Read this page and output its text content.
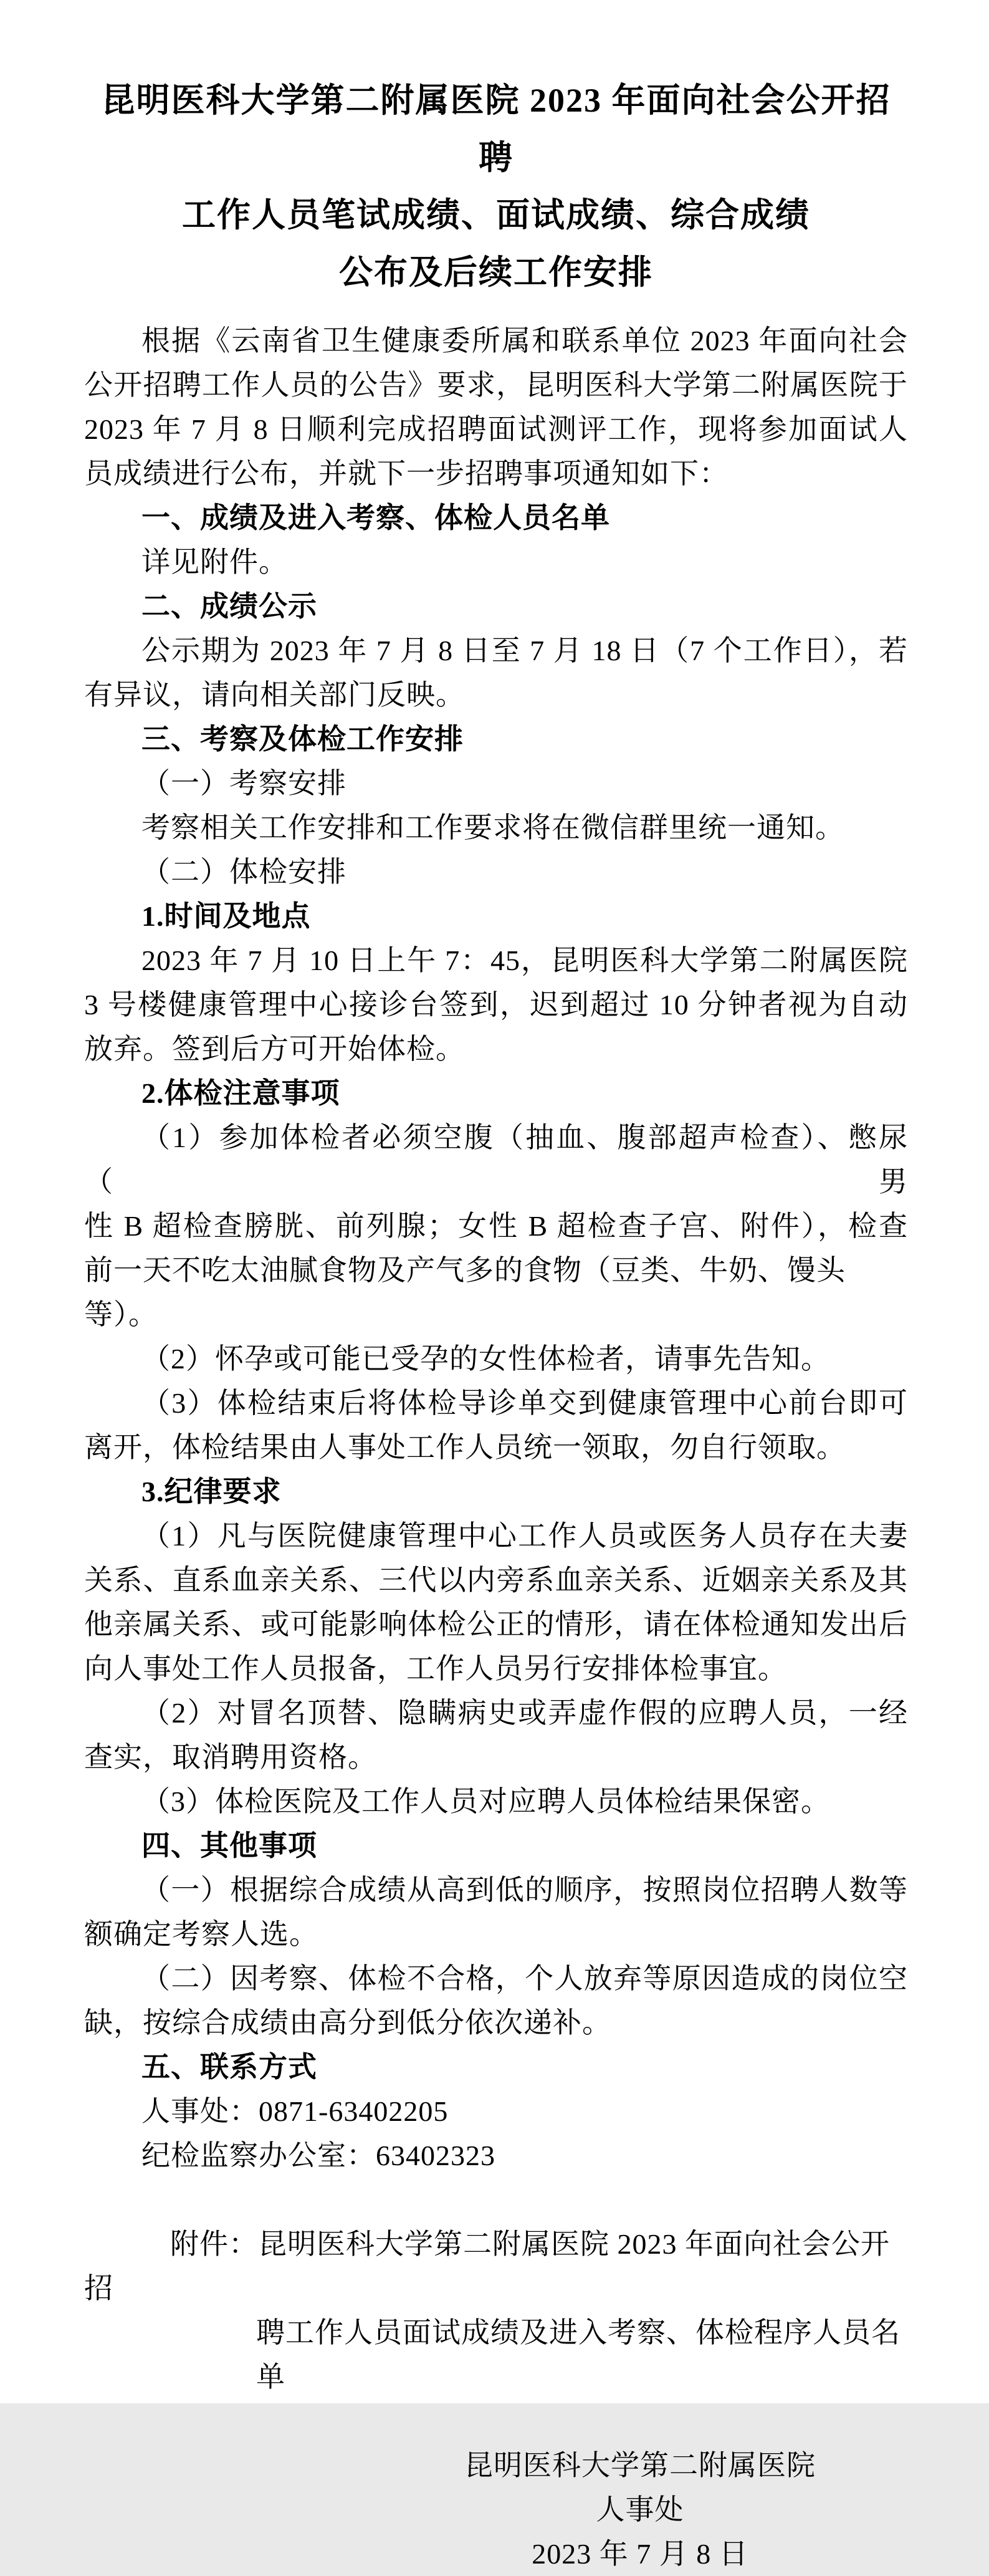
昆明医科大学第二附属医院 2023 年面向社会公开招聘
工作人员笔试成绩、面试成绩、综合成绩
公布及后续工作安排
根据《云南省卫生健康委所属和联系单位 2023 年面向社会
公开招聘工作人员的公告》要求，昆明医科大学第二附属医院于
2023 年 7 月 8 日顺利完成招聘面试测评工作，现将参加面试人
员成绩进行公布，并就下一步招聘事项通知如下：
一、成绩及进入考察、体检人员名单
详见附件。
二、成绩公示
公示期为 2023 年 7 月 8 日至 7 月 18 日（7 个工作日），若
有异议，请向相关部门反映。
三、考察及体检工作安排
（一）考察安排
考察相关工作安排和工作要求将在微信群里统一通知。
（二）体检安排
1.时间及地点
2023 年 7 月 10 日上午 7：45，昆明医科大学第二附属医院
3 号楼健康管理中心接诊台签到，迟到超过 10 分钟者视为自动
放弃。签到后方可开始体检。
2.体检注意事项
（1）参加体检者必须空腹（抽血、腹部超声检查）、憋尿（男
性 B 超检查膀胱、前列腺；女性 B 超检查子宫、附件），检查
前一天不吃太油腻食物及产气多的食物（豆类、牛奶、馒头等）。
（2）怀孕或可能已受孕的女性体检者，请事先告知。
（3）体检结束后将体检导诊单交到健康管理中心前台即可
离开，体检结果由人事处工作人员统一领取，勿自行领取。
3.纪律要求
（1）凡与医院健康管理中心工作人员或医务人员存在夫妻
关系、直系血亲关系、三代以内旁系血亲关系、近姻亲关系及其
他亲属关系、或可能影响体检公正的情形，请在体检通知发出后
向人事处工作人员报备，工作人员另行安排体检事宜。
（2）对冒名顶替、隐瞒病史或弄虚作假的应聘人员，一经
查实，取消聘用资格。
（3）体检医院及工作人员对应聘人员体检结果保密。
四、其他事项
（一）根据综合成绩从高到低的顺序，按照岗位招聘人数等
额确定考察人选。
（二）因考察、体检不合格，个人放弃等原因造成的岗位空
缺，按综合成绩由高分到低分依次递补。
五、联系方式
人事处：0871-63402205
纪检监察办公室：63402323
附件：昆明医科大学第二附属医院 2023 年面向社会公开招
聘工作人员面试成绩及进入考察、体检程序人员名
单
昆明医科大学第二附属医院
人事处
2023 年 7 月 8 日
